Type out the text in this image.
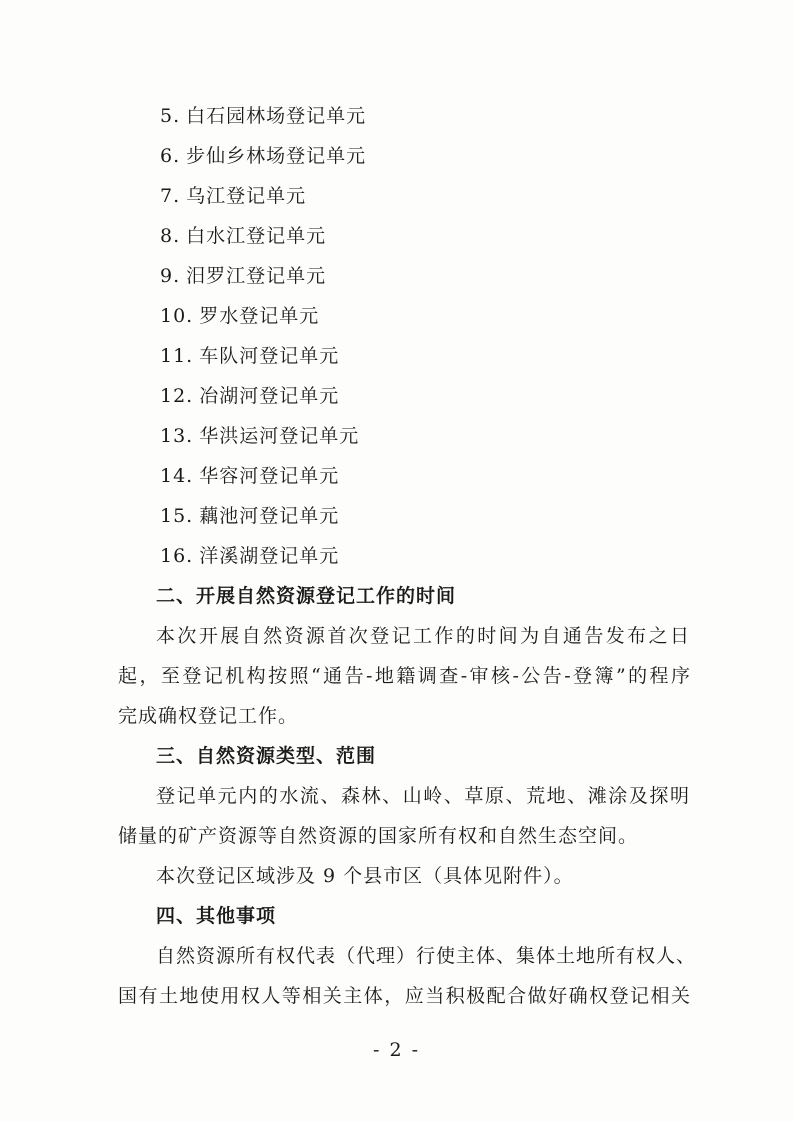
5. 白石园林场登记单元
6. 步仙乡林场登记单元
7. 乌江登记单元
8. 白水江登记单元
9. 汨罗江登记单元
10. 罗水登记单元
11. 车队河登记单元
12. 冶湖河登记单元
13. 华洪运河登记单元
14. 华容河登记单元
15. 藕池河登记单元
16. 洋溪湖登记单元
二、开展自然资源登记工作的时间
本次开展自然资源首次登记工作的时间为自通告发布之日
起，至登记机构按照“通告-地籍调查-审核-公告-登簿”的程序
完成确权登记工作。
三、自然资源类型、范围
登记单元内的水流、森林、山岭、草原、荒地、滩涂及探明
储量的矿产资源等自然资源的国家所有权和自然生态空间。
本次登记区域涉及 9 个县市区（具体见附件）。
四、其他事项
自然资源所有权代表（代理）行使主体、集体土地所有权人、
国有土地使用权人等相关主体，应当积极配合做好确权登记相关
- 2 -
